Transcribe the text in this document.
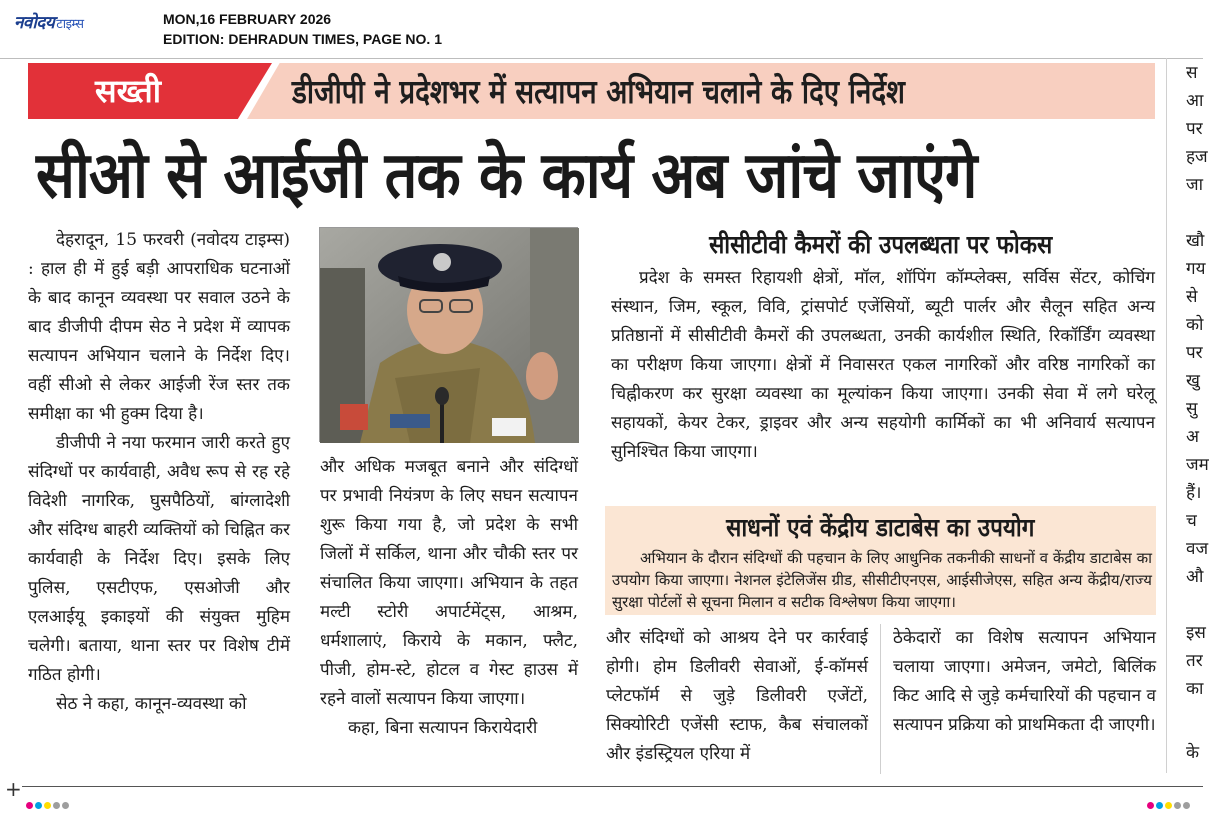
नवोदय टाइम्स	MON,16 FEBRUARY 2026
EDITION: DEHRADUN TIMES, PAGE NO. 1
सख्ती	डीजीपी ने प्रदेशभर में सत्यापन अभियान चलाने के दिए निर्देश
सीओ से आईजी तक के कार्य अब जांचे जाएंगे

देहरादून, 15 फरवरी (नवोदय टाइम्स) : हाल ही में हुई बड़ी आपराधिक घटनाओं के बाद कानून व्यवस्था पर सवाल उठने के बाद डीजीपी दीपम सेठ ने प्रदेश में व्यापक सत्यापन अभियान चलाने के निर्देश दिए। वहीं सीओ से लेकर आईजी रेंज स्तर तक समीक्षा का भी हुक्म दिया है।

डीजीपी ने नया फरमान जारी करते हुए संदिग्धों पर कार्यवाही, अवैध रूप से रह रहे विदेशी नागरिक, घुसपैठियों, बांग्लादेशी और संदिग्ध बाहरी व्यक्तियों को चिह्नित कर कार्यवाही के निर्देश दिए। इसके लिए पुलिस, एसटीएफ, एसओजी और एलआईयू इकाइयों की संयुक्त मुहिम चलेगी। बताया, थाना स्तर पर विशेष टीमें गठित होगी।

सेठ ने कहा, कानून-व्यवस्था को

और अधिक मजबूत बनाने और संदिग्धों पर प्रभावी नियंत्रण के लिए सघन सत्यापन शुरू किया गया है, जो प्रदेश के सभी जिलों में सर्किल, थाना और चौकी स्तर पर संचालित किया जाएगा। अभियान के तहत मल्टी स्टोरी अपार्टमेंट्स, आश्रम, धर्मशालाएं, किराये के मकान, फ्लैट, पीजी, होम-स्टे, होटल व गेस्ट हाउस में रहने वालों सत्यापन किया जाएगा।

कहा, बिना सत्यापन किरायेदारी

सीसीटीवी कैमरों की उपलब्धता पर फोकस
प्रदेश के समस्त रिहायशी क्षेत्रों, मॉल, शॉपिंग कॉम्प्लेक्स, सर्विस सेंटर, कोचिंग संस्थान, जिम, स्कूल, विवि, ट्रांसपोर्ट एजेंसियों, ब्यूटी पार्लर और सैलून सहित अन्य प्रतिष्ठानों में सीसीटीवी कैमरों की उपलब्धता, उनकी कार्यशील स्थिति, रिकॉर्डिंग व्यवस्था का परीक्षण किया जाएगा। क्षेत्रों में निवासरत एकल नागरिकों और वरिष्ठ नागरिकों का चिह्नीकरण कर सुरक्षा व्यवस्था का मूल्यांकन किया जाएगा। उनकी सेवा में लगे घरेलू सहायकों, केयर टेकर, ड्राइवर और अन्य सहयोगी कार्मिकों का भी अनिवार्य सत्यापन सुनिश्चित किया जाएगा।
साधनों एवं केंद्रीय डाटाबेस का उपयोग
अभियान के दौरान संदिग्धों की पहचान के लिए आधुनिक तकनीकी साधनों व केंद्रीय डाटाबेस का उपयोग किया जाएगा। नेशनल इंटेलिजेंस ग्रीड, सीसीटीएनएस, आईसीजेएस, सहित अन्य केंद्रीय/राज्य सुरक्षा पोर्टलों से सूचना मिलान व सटीक विश्लेषण किया जाएगा।

और संदिग्धों को आश्रय देने पर कार्रवाई होगी। होम डिलीवरी सेवाओं, ई-कॉमर्स प्लेटफॉर्म से जुड़े डिलीवरी एजेंटों, सिक्योरिटी एजेंसी स्टाफ, कैब संचालकों और इंडस्ट्रियल एरिया में

ठेकेदारों का विशेष सत्यापन अभियान चलाया जाएगा। अमेजन, जमेटो, बिलिंक किट आदि से जुड़े कर्मचारियों की पहचान व सत्यापन प्रक्रिया को प्राथमिकता दी जाएगी।

स
आ
पर
हज
जा
खौ
गय
से
को
पर
खु
सु
अ
जम
हैं।
च
वज
औ
इस
तर
का
के
+
